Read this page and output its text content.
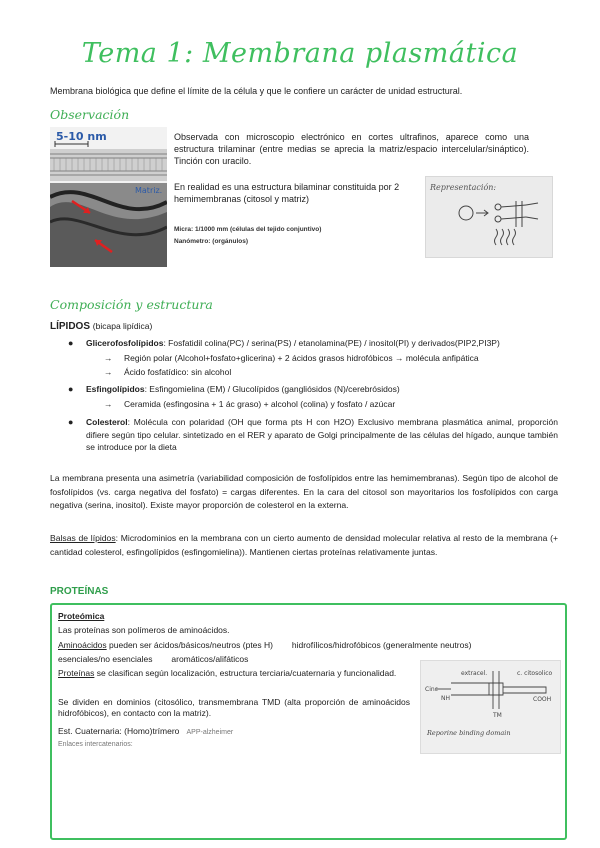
Tema 1: Membrana plasmática
Membrana biológica que define el límite de la célula y que le confiere un carácter de unidad estructural.
Observación
5-10 nm
Matriz.
Observada con microscopio electrónico en cortes ultrafinos, aparece como una estructura trilaminar (entre medias se aprecia la matriz/espacio intercelular/sináptico). Tinción con uracilo.
En realidad es una estructura bilaminar constituida por 2 hemimembranas (citosol y matriz)
Micra: 1/1000 mm (células del tejido conjuntivo)
Nanómetro: (orgánulos)
Representación:
Composición y estructura
LÍPIDOS (bicapa lipídica)
● Glicerofosfolípidos: Fosfatidil colina(PC) / serina(PS) / etanolamina(PE) / inositol(PI) y derivados(PIP2,PI3P)
→ Región polar (Alcohol+fosfato+glicerina) + 2 ácidos grasos hidrofóbicos → molécula anfipática
→ Ácido fosfatídico: sin alcohol
● Esfingolípidos: Esfingomielina (EM) / Glucolípidos (gangliósidos (N)/cerebrósidos)
→ Ceramida (esfingosina + 1 ác graso) + alcohol (colina) y fosfato / azúcar
● Colesterol: Molécula con polaridad (OH que forma pts H con H2O) Exclusivo membrana plasmática animal, proporción difiere según tipo celular. sintetizado en el RER y aparato de Golgi principalmente de las células del hígado, aunque también se introduce por la dieta
La membrana presenta una asimetría (variabilidad composición de fosfolípidos entre las hemimembranas). Según tipo de alcohol de fosfolípidos (vs. carga negativa del fosfato) = cargas diferentes. En la cara del citosol son mayoritarios los fosfolípidos con carga negativa (serina, inositol). Existe mayor proporción de colesterol en la externa.
Balsas de lípidos: Microdominios en la membrana con un cierto aumento de densidad molecular relativa al resto de la membrana (+ cantidad colesterol, esfingolípidos (esfingomielina)). Mantienen ciertas proteínas relativamente juntas.
PROTEÍNAS
Proteómica
Las proteínas son polímeros de aminoácidos.
Aminoácidos pueden ser ácidos/básicos/neutros (ptes H)        hidrofílicos/hidrofóbicos (generalmente neutros)
esenciales/no esenciales        aromáticos/alifáticos
Proteínas se clasifican según localización, estructura terciaria/cuaternaria y funcionalidad.
Se dividen en dominios (citosólico, transmembrana TMD (alta proporción de aminoácidos hidrofóbicos), en contacto con la matriz).
Est. Cuaternaria: (Homo)trímero APP-alzheimer
Enlaces intercatenarios:
extracel.	c. citosolico
Cinc
NH	COOH
TM
Reporine binding domain
